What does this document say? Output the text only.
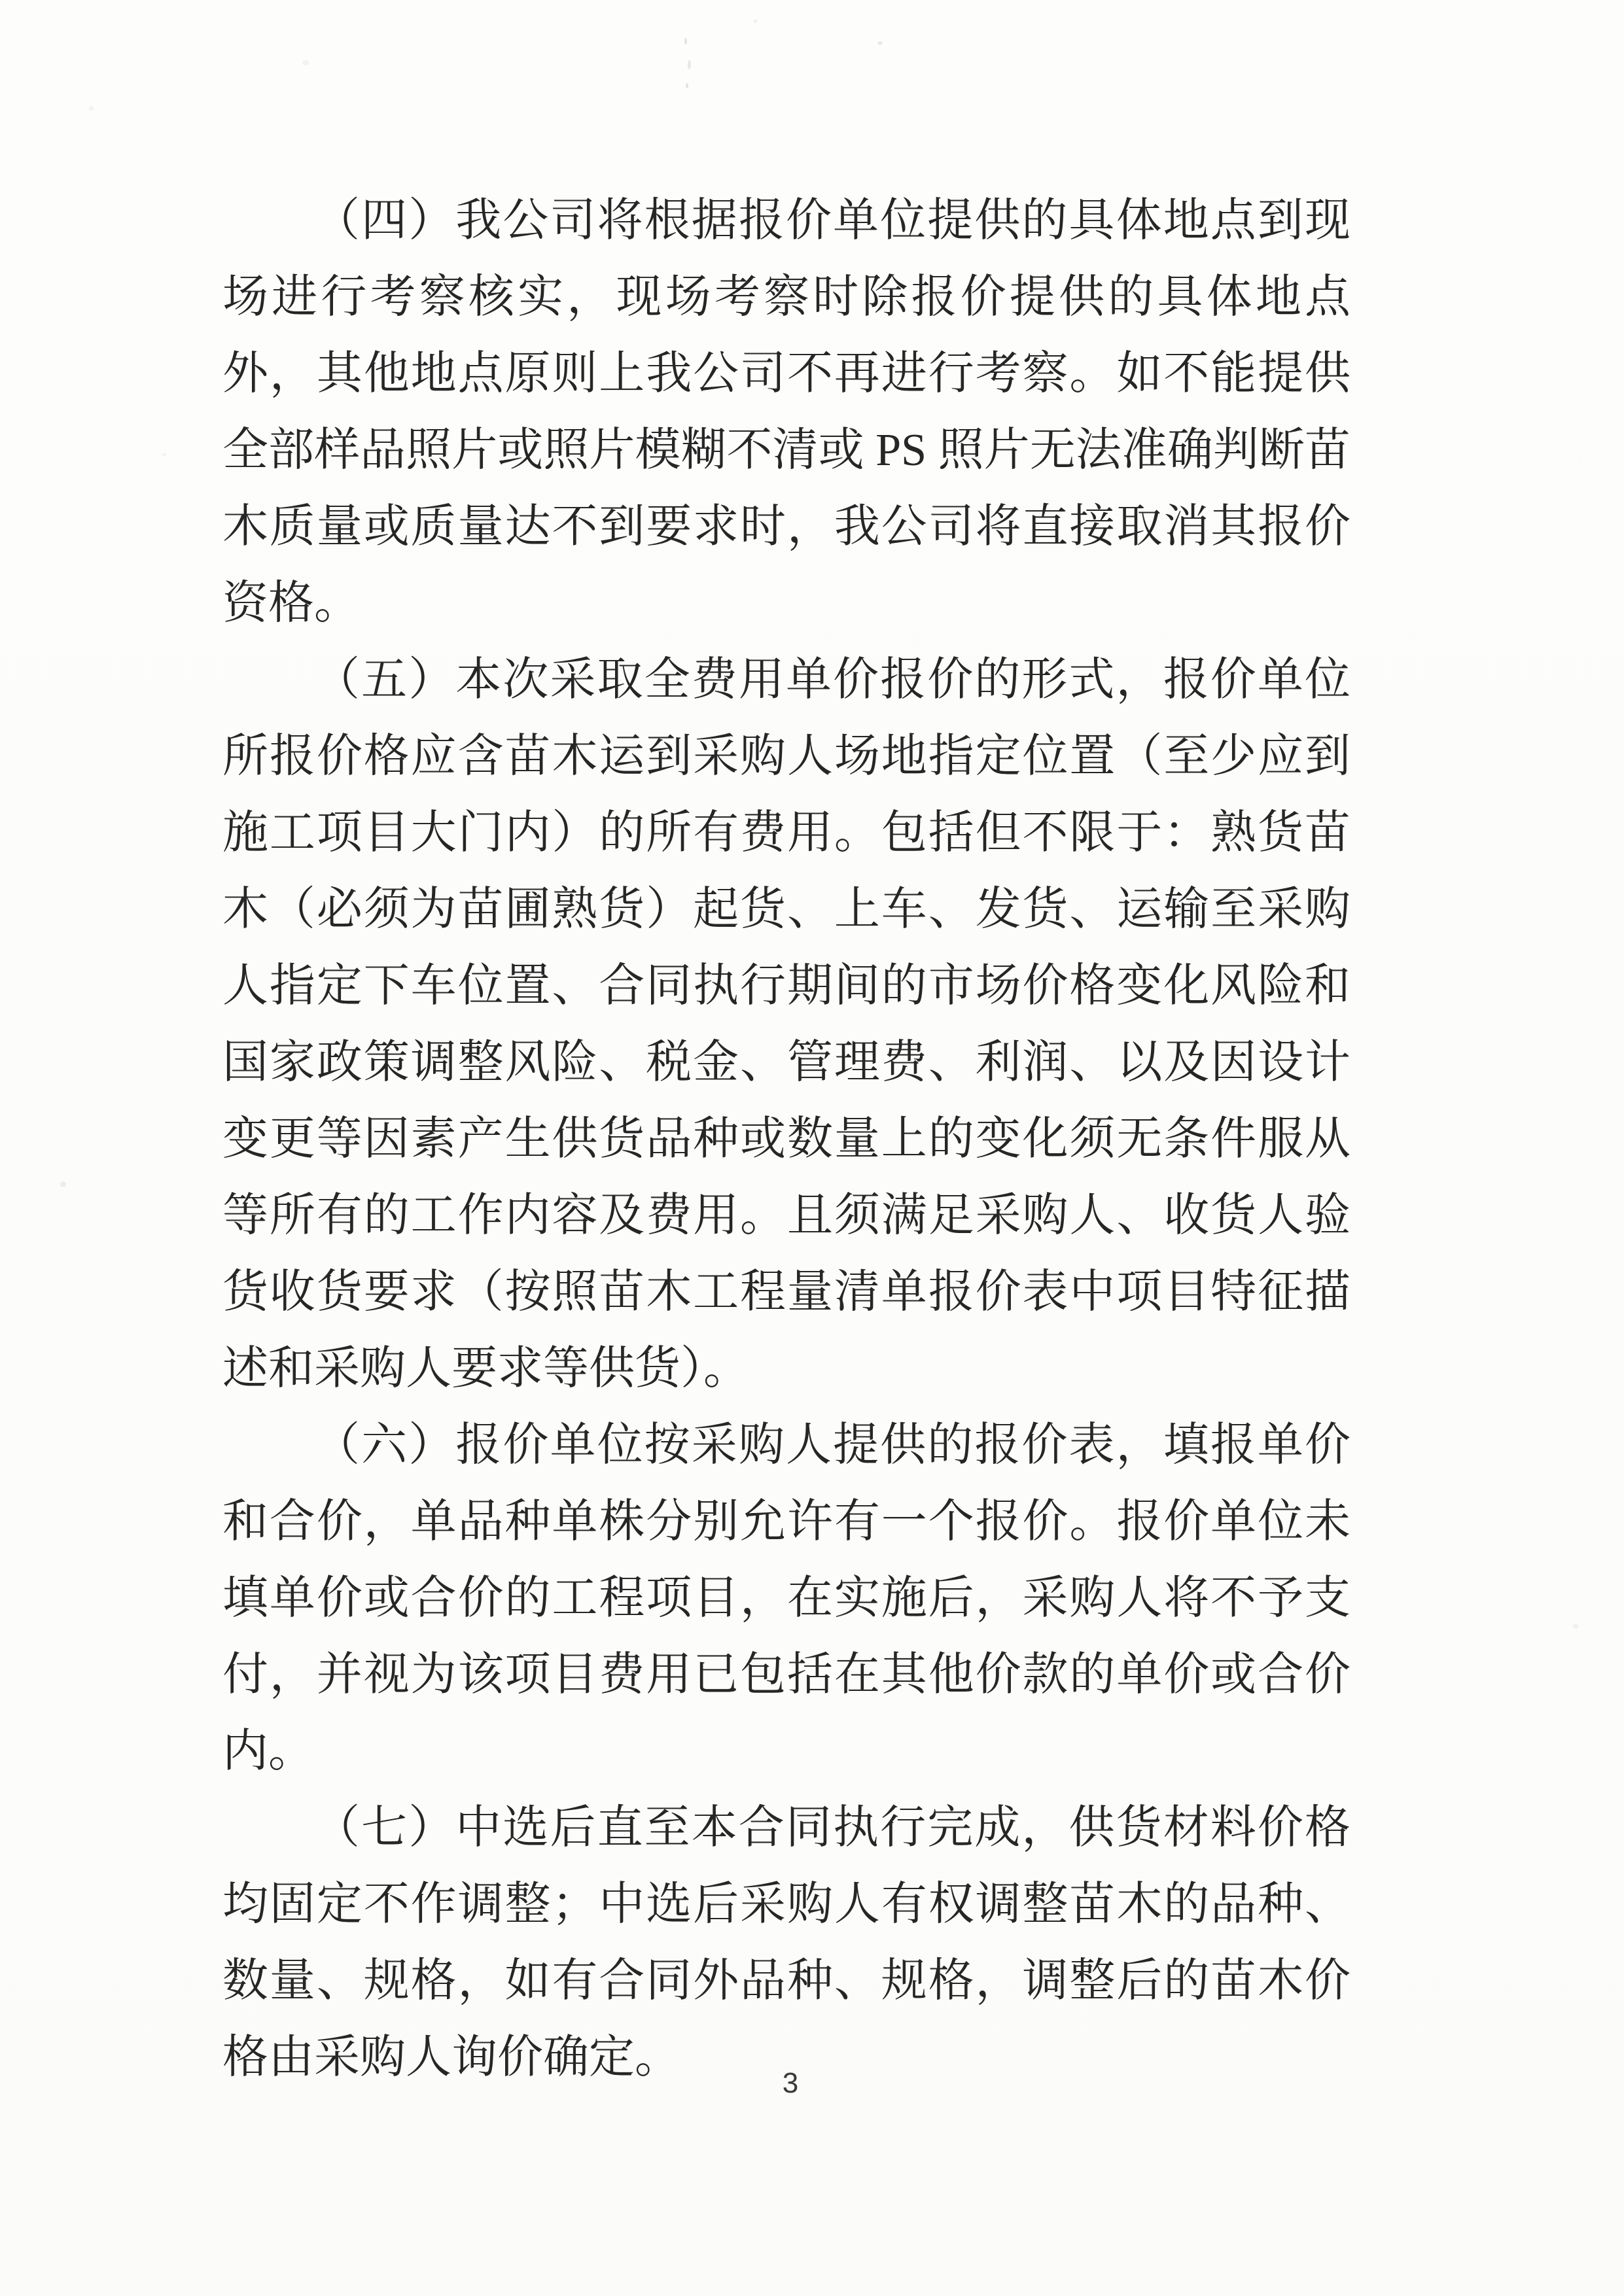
（四）我公司将根据报价单位提供的具体地点到现场进行考察核实，现场考察时除报价提供的具体地点外，其他地点原则上我公司不再进行考察。如不能提供全部样品照片或照片模糊不清或 PS 照片无法准确判断苗木质量或质量达不到要求时，我公司将直接取消其报价资格。

（五）本次采取全费用单价报价的形式，报价单位所报价格应含苗木运到采购人场地指定位置（至少应到施工项目大门内）的所有费用。包括但不限于：熟货苗木（必须为苗圃熟货）起货、上车、发货、运输至采购人指定下车位置、合同执行期间的市场价格变化风险和国家政策调整风险、税金、管理费、利润、以及因设计变更等因素产生供货品种或数量上的变化须无条件服从等所有的工作内容及费用。且须满足采购人、收货人验货收货要求（按照苗木工程量清单报价表中项目特征描述和采购人要求等供货）。

（六）报价单位按采购人提供的报价表，填报单价和合价，单品种单株分别允许有一个报价。报价单位未填单价或合价的工程项目，在实施后，采购人将不予支付，并视为该项目费用已包括在其他价款的单价或合价内。

（七）中选后直至本合同执行完成，供货材料价格均固定不作调整；中选后采购人有权调整苗木的品种、数量、规格，如有合同外品种、规格，调整后的苗木价格由采购人询价确定。

3
